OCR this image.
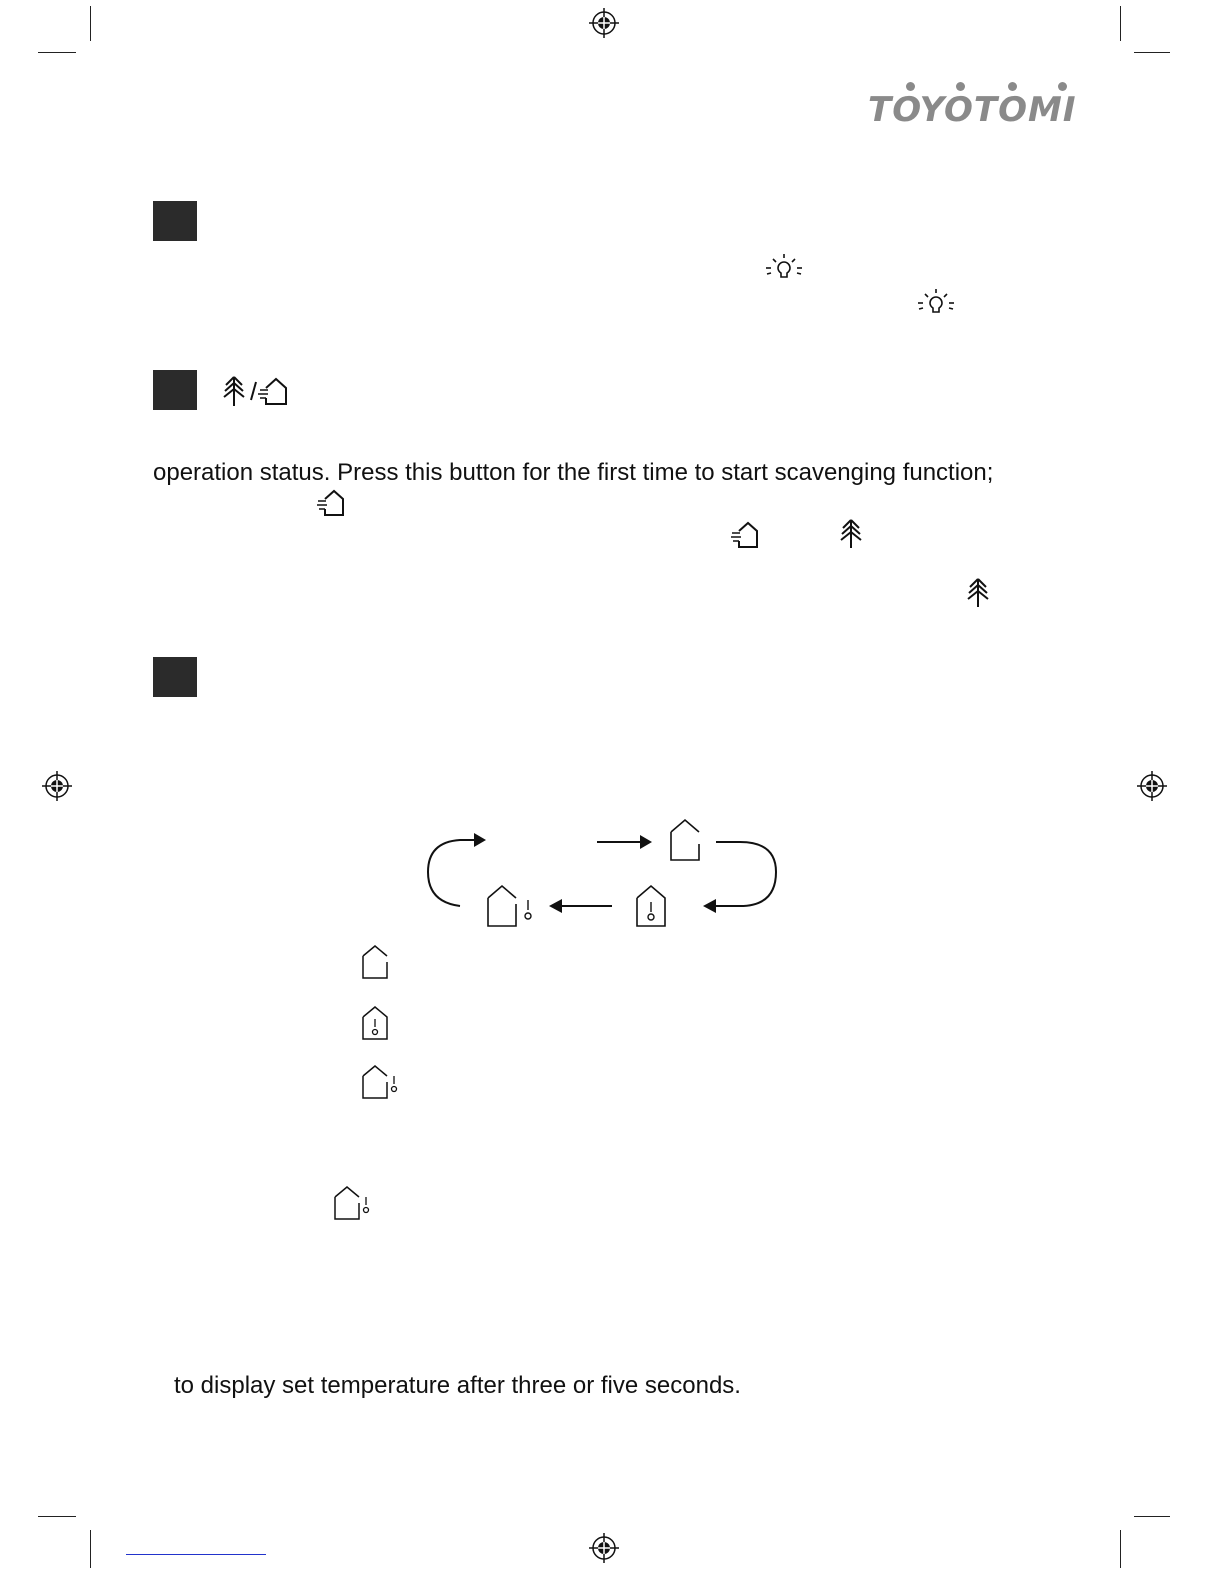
TOYOTOMI
operation status. Press this button for the first time to start scavenging function;
to display set temperature after three or five seconds.
